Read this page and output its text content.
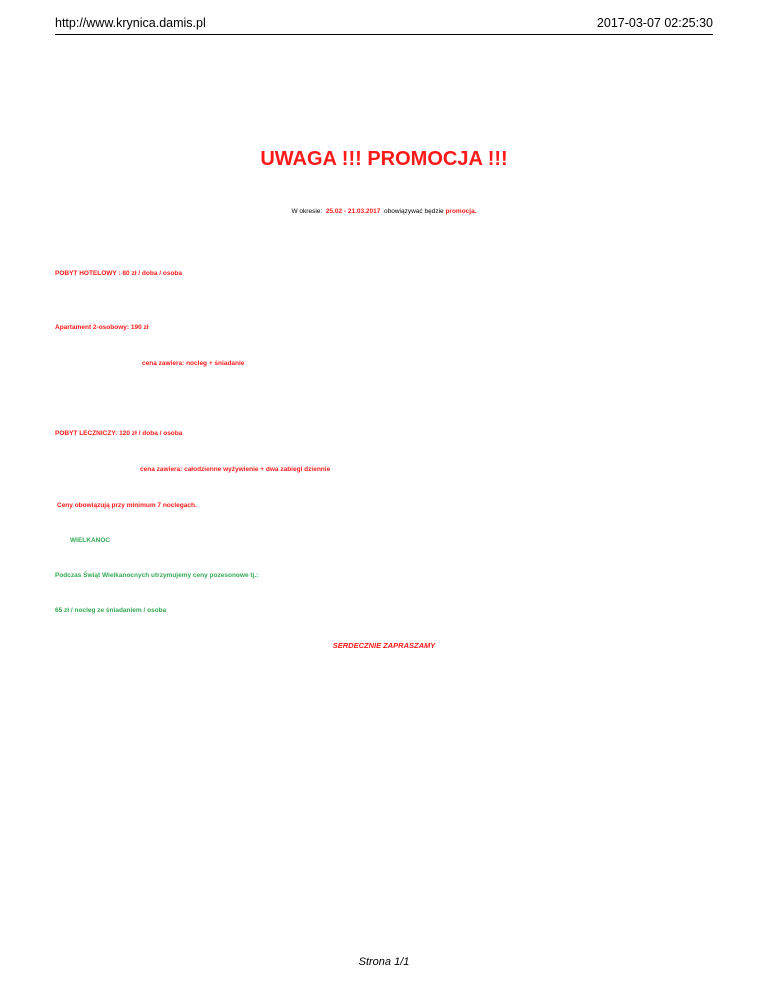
http://www.krynica.damis.pl	2017-03-07 02:25:30
UWAGA !!! PROMOCJA !!!
W okresie: 25.02 - 21.03.2017 obowiązywać będzie promocja.
POBYT HOTELOWY : 80 zł / doba / osoba
Apartament 2-osobowy: 190 zł
cena zawiera: nocleg + śniadanie
POBYT LECZNICZY: 120 zł / doba / osoba
cena zawiera: całodzienne wyżywienie + dwa zabiegi dziennie
Ceny obowiązują przy minimum 7 noclegach.
WIELKANOC
Podczas Świąt Wielkanocnych utrzymujemy ceny pozesonowe tj.:
65 zł / nocleg ze śniadaniem / osoba
SERDECZNIE ZAPRASZAMY
Strona 1/1
